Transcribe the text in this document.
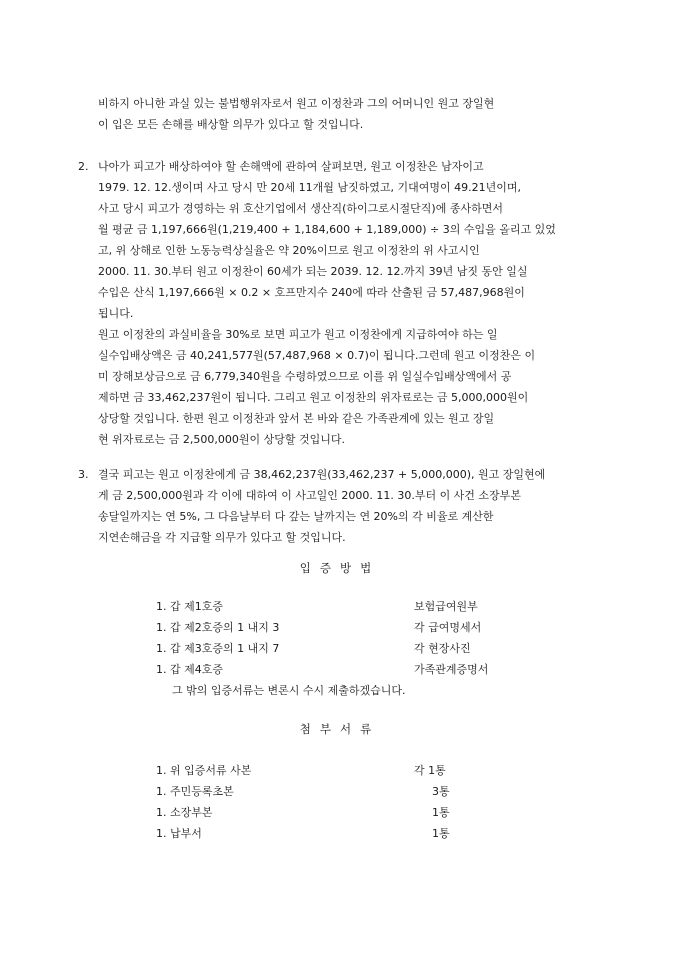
비하지 아니한 과실 있는 불법행위자로서 원고 이정찬과 그의 어머니인 원고 장일현
이 입은 모든 손해를 배상할 의무가 있다고 할 것입니다.
2. 나아가 피고가 배상하여야 할 손해액에 관하여 살펴보면, 원고 이정찬은 남자이고
1979. 12. 12.생이며 사고 당시 만 20세 11개월 남짓하였고, 기대여명이 49.21년이며,
사고 당시 피고가 경영하는 위 호산기업에서 생산직(하이그로시절단직)에 종사하면서
월 평균 금 1,197,666원(1,219,400 + 1,184,600 + 1,189,000) ÷ 3의 수입을 올리고 있었
고, 위 상해로 인한 노동능력상실율은 약 20%이므로 원고 이정찬의 위 사고시인
2000. 11. 30.부터 원고 이정찬이 60세가 되는 2039. 12. 12.까지 39년 남짓 동안 일실
수입은 산식 1,197,666원 × 0.2 × 호프만지수 240에 따라 산출된 금 57,487,968원이
됩니다.
원고 이정찬의 과실비율을 30%로 보면 피고가 원고 이정찬에게 지급하여야 하는 일
실수입배상액은 금 40,241,577원(57,487,968 × 0.7)이 됩니다.그런데 원고 이정찬은 이
미 장해보상금으로 금 6,779,340원을 수령하였으므로 이를 위 일실수입배상액에서 공
제하면 금 33,462,237원이 됩니다. 그리고 원고 이정찬의 위자료로는 금 5,000,000원이
상당할 것입니다. 한편 원고 이정찬과 앞서 본 바와 같은 가족관계에 있는 원고 장일
현 위자료로는 금 2,500,000원이 상당할 것입니다.
3. 결국 피고는 원고 이정찬에게 금 38,462,237원(33,462,237 + 5,000,000), 원고 장일현에
게 금 2,500,000원과 각 이에 대하여 이 사고일인 2000. 11. 30.부터 이 사건 소장부본
송달일까지는 연 5%, 그 다음날부터 다 갚는 날까지는 연 20%의 각 비율로 계산한
지연손해금을 각 지급할 의무가 있다고 할 것입니다.
입증방법
1. 갑 제1호증	보험급여원부
1. 갑 제2호증의 1 내지 3	각 급여명세서
1. 갑 제3호증의 1 내지 7	각 현장사진
1. 갑 제4호증	가족관계증명서
그 밖의 입증서류는 변론시 수시 제출하겠습니다.
첨부서류
1. 위 입증서류 사본	각 1통
1. 주민등록초본	3통
1. 소장부본	1통
1. 납부서	1통
